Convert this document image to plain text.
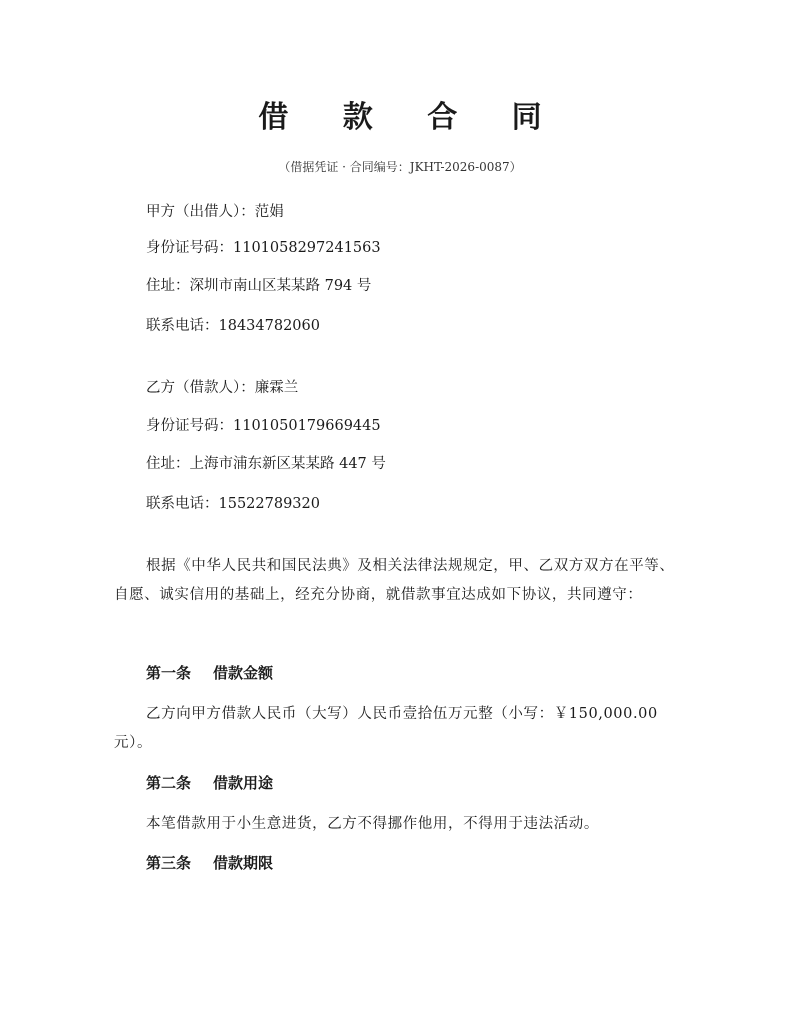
借 款 合 同
（借据凭证 · 合同编号：JKHT-2026-0087）
甲方（出借人）：范娟
身份证号码：1101058297241563
住址：深圳市南山区某某路 794 号
联系电话：18434782060
乙方（借款人）：廉霖兰
身份证号码：1101050179669445
住址：上海市浦东新区某某路 447 号
联系电话：15522789320
根据《中华人民共和国民法典》及相关法律法规规定，甲、乙双方双方在平等、自愿、诚实信用的基础上，经充分协商，就借款事宜达成如下协议，共同遵守：
第一条 借款金额
乙方向甲方借款人民币（大写）人民币壹拾伍万元整（小写：￥150,000.00元）。
第二条 借款用途
本笔借款用于小生意进货，乙方不得挪作他用，不得用于违法活动。
第三条 借款期限
